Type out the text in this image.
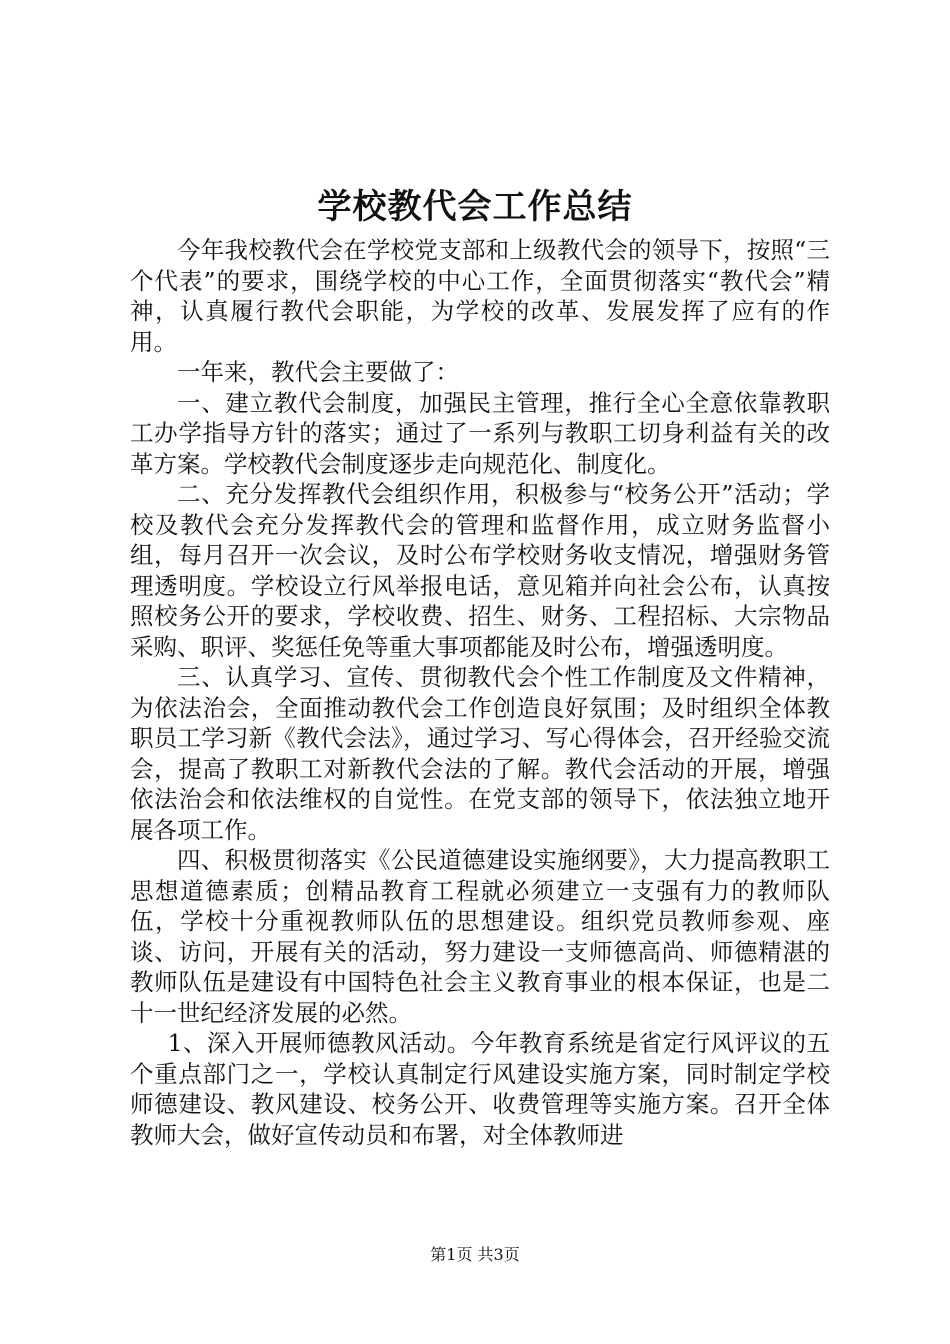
学校教代会工作总结

今年我校教代会在学校党支部和上级教代会的领导下，按照“三个代表”的要求，围绕学校的中心工作，全面贯彻落实“教代会”精神，认真履行教代会职能，为学校的改革、发展发挥了应有的作用。

一年来，教代会主要做了：

一、建立教代会制度，加强民主管理，推行全心全意依靠教职工办学指导方针的落实；通过了一系列与教职工切身利益有关的改革方案。学校教代会制度逐步走向规范化、制度化。

二、充分发挥教代会组织作用，积极参与“校务公开”活动；学校及教代会充分发挥教代会的管理和监督作用，成立财务监督小组，每月召开一次会议，及时公布学校财务收支情况，增强财务管理透明度。学校设立行风举报电话，意见箱并向社会公布，认真按照校务公开的要求，学校收费、招生、财务、工程招标、大宗物品采购、职评、奖惩任免等重大事项都能及时公布，增强透明度。

三、认真学习、宣传、贯彻教代会个性工作制度及文件精神，为依法治会，全面推动教代会工作创造良好氛围；及时组织全体教职员工学习新《教代会法》，通过学习、写心得体会，召开经验交流会，提高了教职工对新教代会法的了解。教代会活动的开展，增强依法治会和依法维权的自觉性。在党支部的领导下，依法独立地开展各项工作。

四、积极贯彻落实《公民道德建设实施纲要》，大力提高教职工思想道德素质；创精品教育工程就必须建立一支强有力的教师队伍，学校十分重视教师队伍的思想建设。组织党员教师参观、座谈、访问，开展有关的活动，努力建设一支师德高尚、师德精湛的教师队伍是建设有中国特色社会主义教育事业的根本保证，也是二十一世纪经济发展的必然。

1、深入开展师德教风活动。今年教育系统是省定行风评议的五个重点部门之一，学校认真制定行风建设实施方案，同时制定学校师德建设、教风建设、校务公开、收费管理等实施方案。召开全体教师大会，做好宣传动员和布署，对全体教师进

第1页 共3页
